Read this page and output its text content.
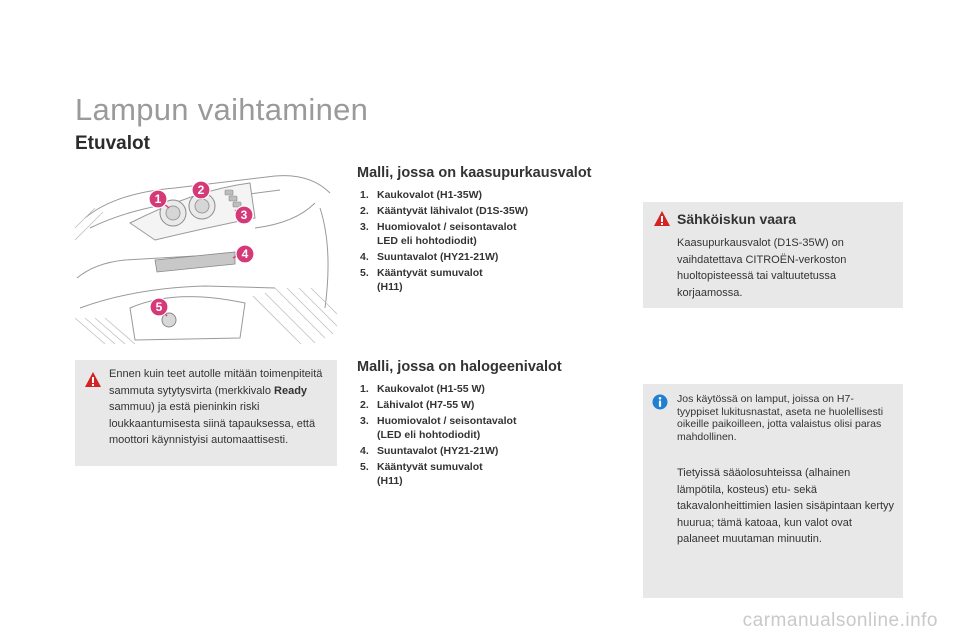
Lampun vaihtaminen
Etuvalot
1
2
3
4
5
Malli, jossa on kaasupurkausvalot
1. Kaukovalot (H1-35W)
2. Kääntyvät lähivalot (D1S-35W)
3. Huomiovalot / seisontavalot
LED eli hohtodiodit)
4. Suuntavalot (HY21-21W)
5. Kääntyvät sumuvalot
(H11)
Sähköiskun vaara
Kaasupurkausvalot (D1S-35W) on vaihdatettava CITROËN-verkoston huoltopisteessä tai valtuutetussa korjaamossa.
Ennen kuin teet autolle mitään toimenpiteitä sammuta sytytysvirta (merkkivalo Ready sammuu) ja estä pieninkin riski loukkaantumisesta siinä tapauksessa, että moottori käynnistyisi automaattisesti.
Malli, jossa on halogeenivalot
1. Kaukovalot (H1-55 W)
2. Lähivalot (H7-55 W)
3. Huomiovalot / seisontavalot
(LED eli hohtodiodit)
4. Suuntavalot (HY21-21W)
5. Kääntyvät sumuvalot
(H11)
Jos käytössä on lamput, joissa on H7-tyyppiset lukitusnastat, aseta ne huolellisesti oikeille paikoilleen, jotta valaistus olisi paras mahdollinen.
Tietyissä sääolosuhteissa (alhainen lämpötila, kosteus) etu- sekä takavalonheittimien lasien sisäpintaan kertyy huurua; tämä katoaa, kun valot ovat palaneet muutaman minuutin.
carmanualsonline.info
